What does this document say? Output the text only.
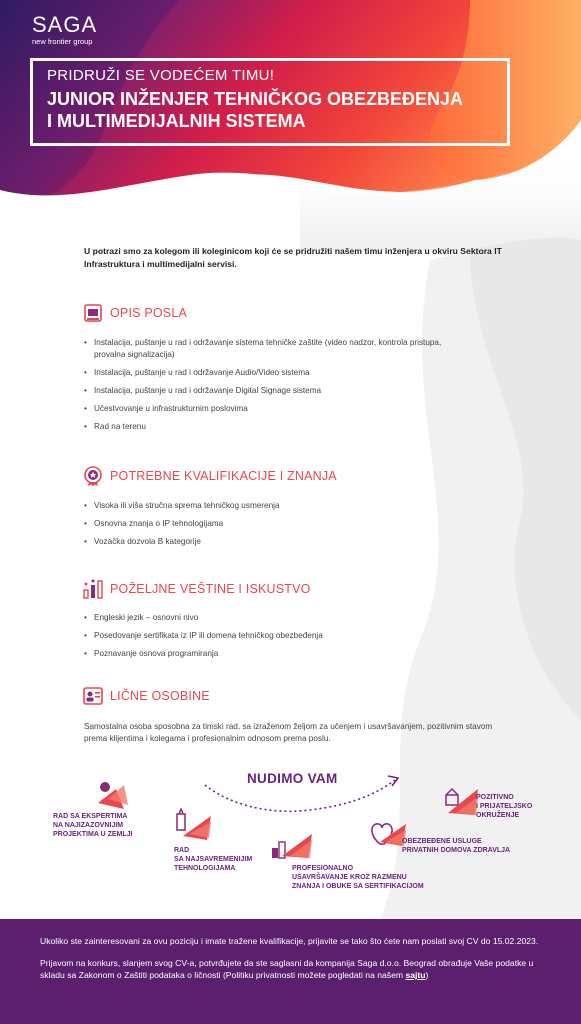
SAGA
new frontier group
PRIDRUŽI SE VODEĆEM TIMU!
JUNIOR INŽENJER TEHNIČKOG OBEZBEĐENJA
I MULTIMEDIJALNIH SISTEMA

U potrazi smo za kolegom ili koleginicom koji će se pridružiti našem timu inženjera u okviru Sektora IT Infrastruktura i multimedijalni servisi.

OPIS POSLA
• Instalacija, puštanje u rad i održavanje sistema tehničke zaštite (video nadzor, kontrola pristupa, provalna signalizacija)
• Instalacija, puštanje u rad i održavanje Audio/Video sistema
• Instalacija, puštanje u rad i održavanje Digital Signage sistema
• Učestvovanje u infrastrukturnim poslovima
• Rad na terenu
POTREBNE KVALIFIKACIJE I ZNANJA
• Visoka ili viša stručna sprema tehničkog usmerenja
• Osnovna znanja o IP tehnologijama
• Vozačka dozvola B kategorije
POŽELJNE VEŠTINE I ISKUSTVO
• Engleski jezik – osnovni nivo
• Posedovanje sertifikata iz IP ili domena tehničkog obezbeđenja
• Poznavanje osnova programiranja
LIČNE OSOBINE

Samostalna osoba sposobna za timski rad, sa izraženom željom za učenjem i usavršavanjem, pozitivnim stavom prema klijentima i kolegama i profesionalnim odnosom prema poslu.

NUDIMO VAM
RAD SA EKSPERTIMA
NA NAJIZAZOVNIJIM
PROJEKTIMA U ZEMLJI
RAD
SA NAJSAVREMENIJIM
TEHNOLOGIJAMA	PROFESIONALNO
USAVRŠAVANJE KROZ RAZMENU
ZNANJA I OBUKE SA SERTIFIKACIJOM
OBEZBEĐENE USLUGE
PRIVATNIH DOMOVA ZDRAVLJA
POZITIVNO
I PRIJATELJSKO
OKRUŽENJE

Ukoliko ste zainteresovani za ovu poziciju i imate tražene kvalifikacije, prijavite se tako što ćete nam poslati svoj CV do 15.02.2023.

Prijavom na konkurs, slanjem svog CV-a, potvrđujete da ste saglasni da kompanija Saga d.o.o. Beograd obrađuje Vaše podatke u skladu sa Zakonom o Zaštiti podataka o ličnosti (Politiku privatnosti možete pogledati na našem sajtu)
